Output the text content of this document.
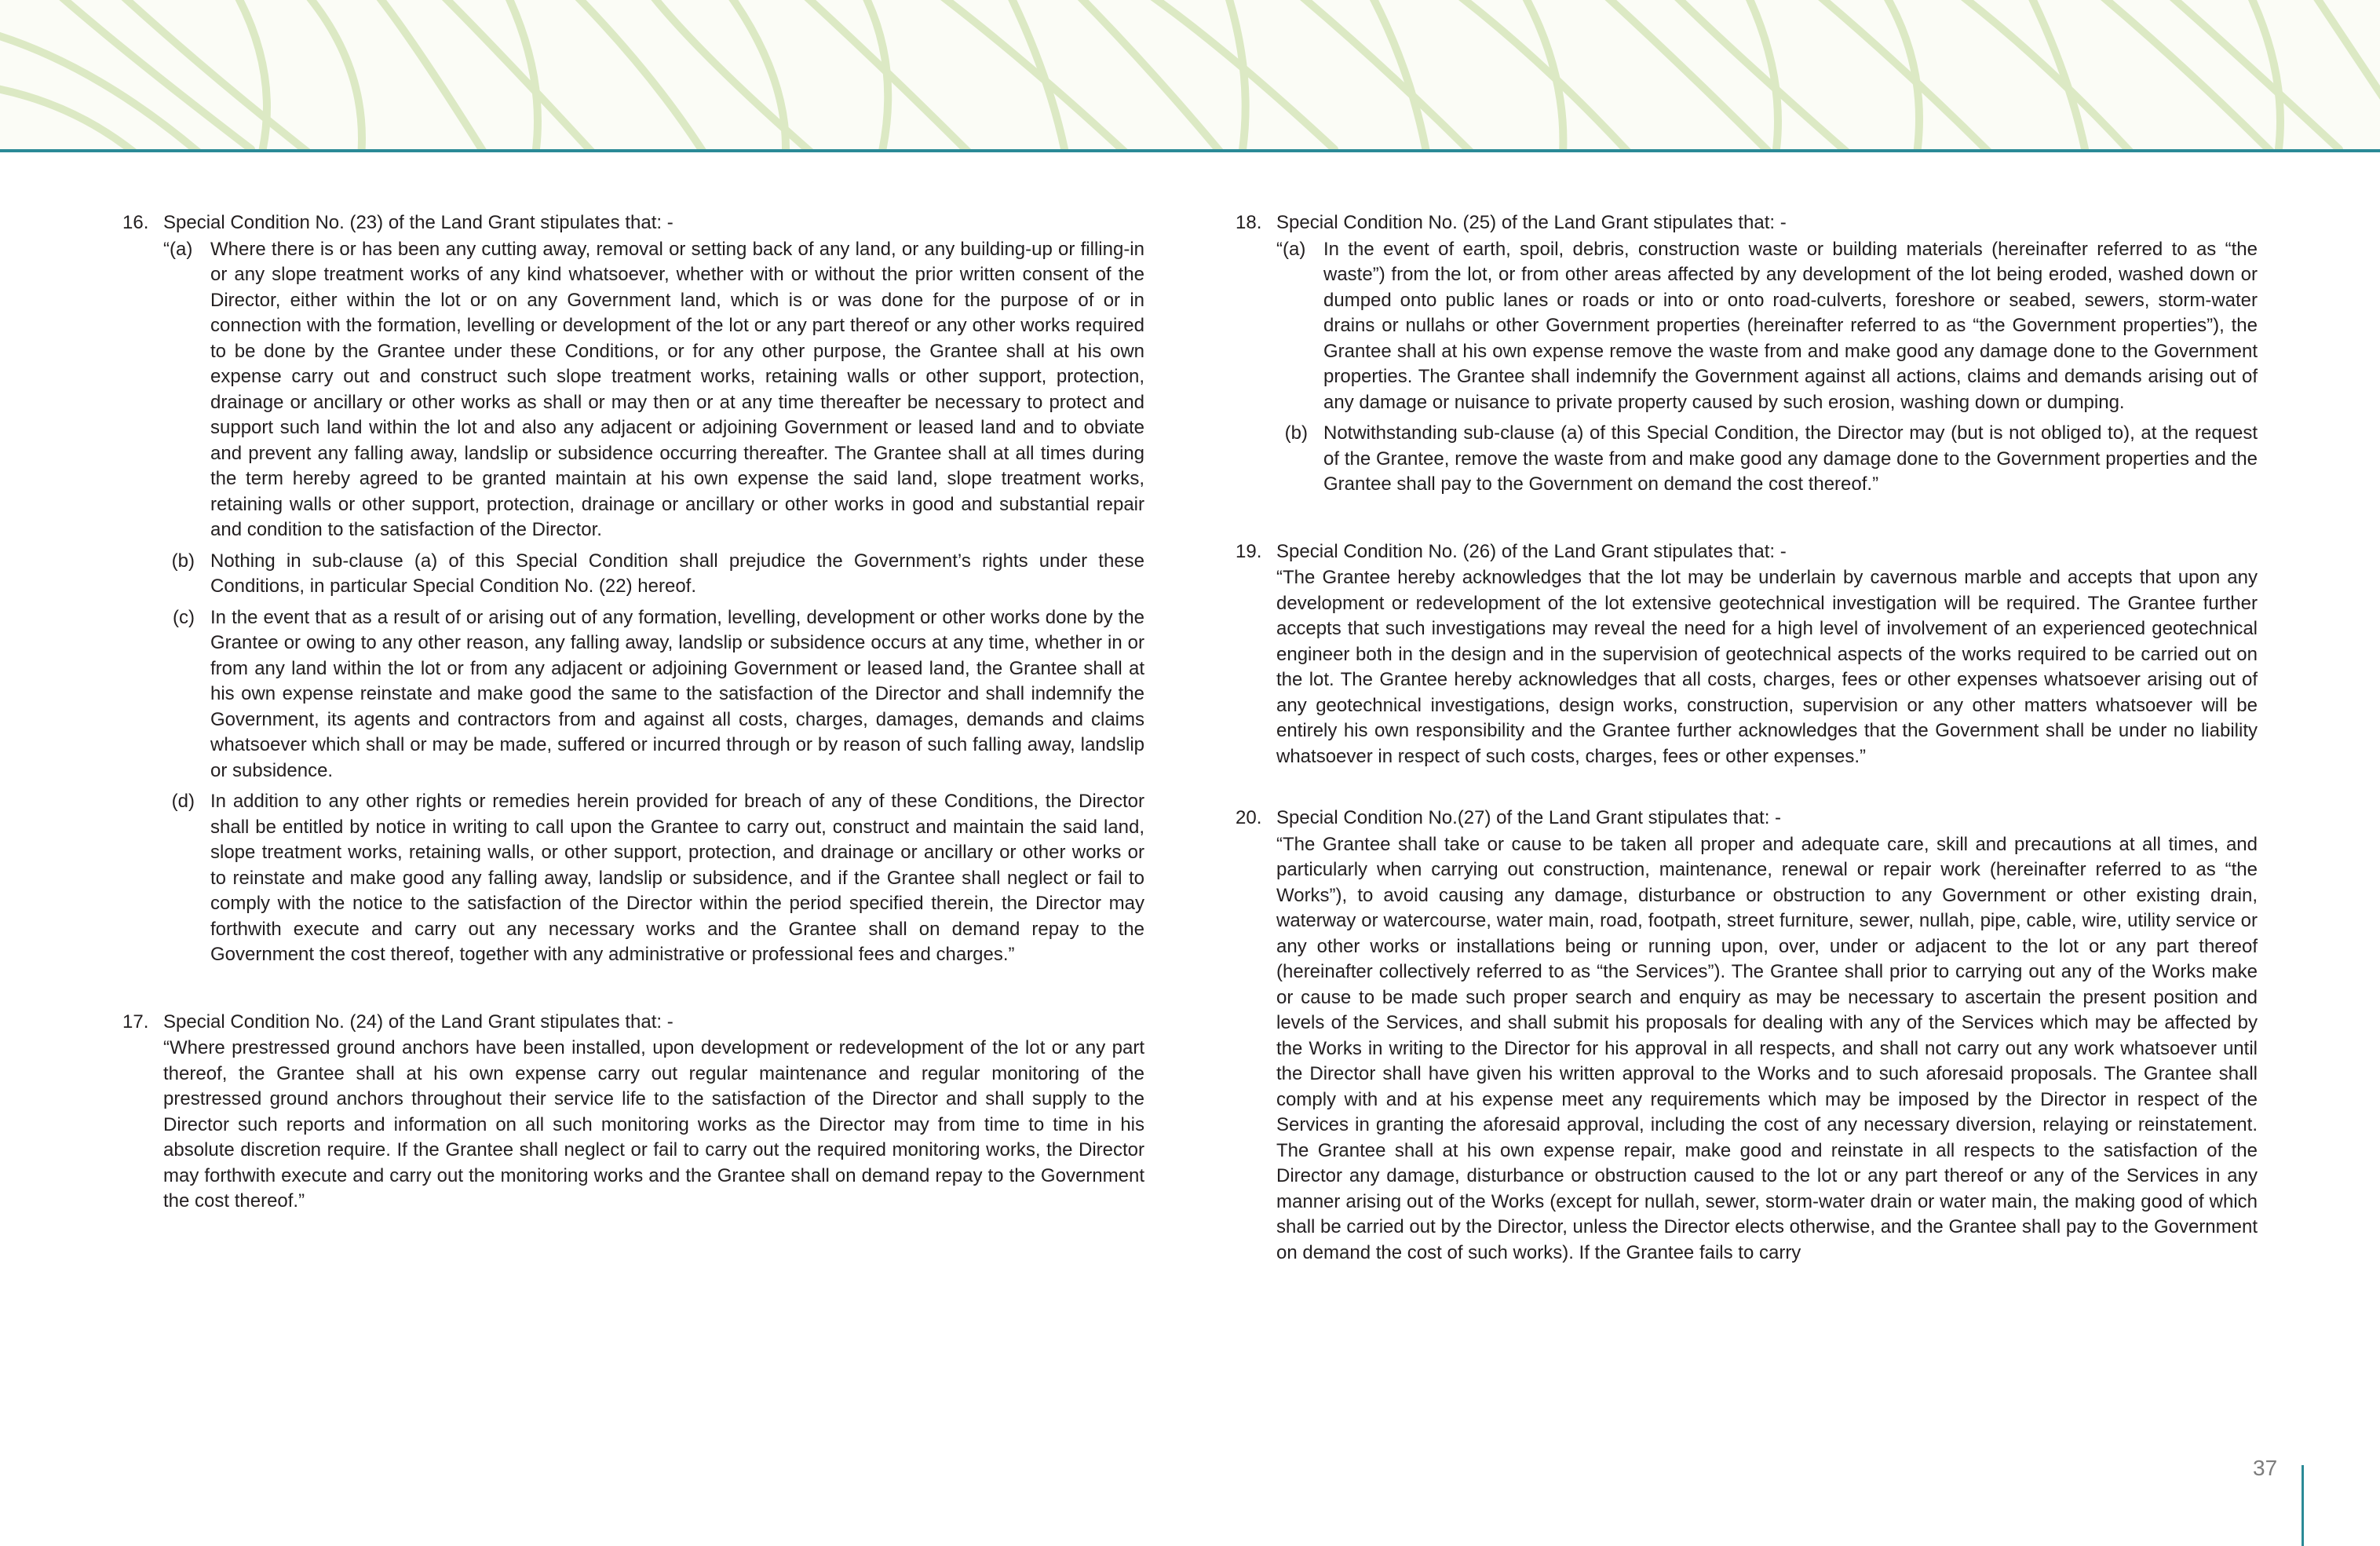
16. Special Condition No. (23) of the Land Grant stipulates that: -
“(a) Where there is or has been any cutting away, removal or setting back of any land, or any building-up or filling-in or any slope treatment works of any kind whatsoever, whether with or without the prior written consent of the Director, either within the lot or on any Government land, which is or was done for the purpose of or in connection with the formation, levelling or development of the lot or any part thereof or any other works required to be done by the Grantee under these Conditions, or for any other purpose, the Grantee shall at his own expense carry out and construct such slope treatment works, retaining walls or other support, protection, drainage or ancillary or other works as shall or may then or at any time thereafter be necessary to protect and support such land within the lot and also any adjacent or adjoining Government or leased land and to obviate and prevent any falling away, landslip or subsidence occurring thereafter. The Grantee shall at all times during the term hereby agreed to be granted maintain at his own expense the said land, slope treatment works, retaining walls or other support, protection, drainage or ancillary or other works in good and substantial repair and condition to the satisfaction of the Director.
(b) Nothing in sub-clause (a) of this Special Condition shall prejudice the Government’s rights under these Conditions, in particular Special Condition No. (22) hereof.
(c) In the event that as a result of or arising out of any formation, levelling, development or other works done by the Grantee or owing to any other reason, any falling away, landslip or subsidence occurs at any time, whether in or from any land within the lot or from any adjacent or adjoining Government or leased land, the Grantee shall at his own expense reinstate and make good the same to the satisfaction of the Director and shall indemnify the Government, its agents and contractors from and against all costs, charges, damages, demands and claims whatsoever which shall or may be made, suffered or incurred through or by reason of such falling away, landslip or subsidence.
(d) In addition to any other rights or remedies herein provided for breach of any of these Conditions, the Director shall be entitled by notice in writing to call upon the Grantee to carry out, construct and maintain the said land, slope treatment works, retaining walls, or other support, protection, and drainage or ancillary or other works or to reinstate and make good any falling away, landslip or subsidence, and if the Grantee shall neglect or fail to comply with the notice to the satisfaction of the Director within the period specified therein, the Director may forthwith execute and carry out any necessary works and the Grantee shall on demand repay to the Government the cost thereof, together with any administrative or professional fees and charges.”
17. Special Condition No. (24) of the Land Grant stipulates that: -
“Where prestressed ground anchors have been installed, upon development or redevelopment of the lot or any part thereof, the Grantee shall at his own expense carry out regular maintenance and regular monitoring of the prestressed ground anchors throughout their service life to the satisfaction of the Director and shall supply to the Director such reports and information on all such monitoring works as the Director may from time to time in his absolute discretion require. If the Grantee shall neglect or fail to carry out the required monitoring works, the Director may forthwith execute and carry out the monitoring works and the Grantee shall on demand repay to the Government the cost thereof.”
18. Special Condition No. (25) of the Land Grant stipulates that: -
“(a) In the event of earth, spoil, debris, construction waste or building materials (hereinafter referred to as “the waste”) from the lot, or from other areas affected by any development of the lot being eroded, washed down or dumped onto public lanes or roads or into or onto road-culverts, foreshore or seabed, sewers, storm-water drains or nullahs or other Government properties (hereinafter referred to as “the Government properties”), the Grantee shall at his own expense remove the waste from and make good any damage done to the Government properties. The Grantee shall indemnify the Government against all actions, claims and demands arising out of any damage or nuisance to private property caused by such erosion, washing down or dumping.
(b) Notwithstanding sub-clause (a) of this Special Condition, the Director may (but is not obliged to), at the request of the Grantee, remove the waste from and make good any damage done to the Government properties and the Grantee shall pay to the Government on demand the cost thereof.”
19. Special Condition No. (26) of the Land Grant stipulates that: -
“The Grantee hereby acknowledges that the lot may be underlain by cavernous marble and accepts that upon any development or redevelopment of the lot extensive geotechnical investigation will be required. The Grantee further accepts that such investigations may reveal the need for a high level of involvement of an experienced geotechnical engineer both in the design and in the supervision of geotechnical aspects of the works required to be carried out on the lot. The Grantee hereby acknowledges that all costs, charges, fees or other expenses whatsoever arising out of any geotechnical investigations, design works, construction, supervision or any other matters whatsoever will be entirely his own responsibility and the Grantee further acknowledges that the Government shall be under no liability whatsoever in respect of such costs, charges, fees or other expenses.”
20. Special Condition No.(27) of the Land Grant stipulates that: -
“The Grantee shall take or cause to be taken all proper and adequate care, skill and precautions at all times, and particularly when carrying out construction, maintenance, renewal or repair work (hereinafter referred to as “the Works”), to avoid causing any damage, disturbance or obstruction to any Government or other existing drain, waterway or watercourse, water main, road, footpath, street furniture, sewer, nullah, pipe, cable, wire, utility service or any other works or installations being or running upon, over, under or adjacent to the lot or any part thereof (hereinafter collectively referred to as “the Services”). The Grantee shall prior to carrying out any of the Works make or cause to be made such proper search and enquiry as may be necessary to ascertain the present position and levels of the Services, and shall submit his proposals for dealing with any of the Services which may be affected by the Works in writing to the Director for his approval in all respects, and shall not carry out any work whatsoever until the Director shall have given his written approval to the Works and to such aforesaid proposals. The Grantee shall comply with and at his expense meet any requirements which may be imposed by the Director in respect of the Services in granting the aforesaid approval, including the cost of any necessary diversion, relaying or reinstatement. The Grantee shall at his own expense repair, make good and reinstate in all respects to the satisfaction of the Director any damage, disturbance or obstruction caused to the lot or any part thereof or any of the Services in any manner arising out of the Works (except for nullah, sewer, storm-water drain or water main, the making good of which shall be carried out by the Director, unless the Director elects otherwise, and the Grantee shall pay to the Government on demand the cost of such works). If the Grantee fails to carry
37
